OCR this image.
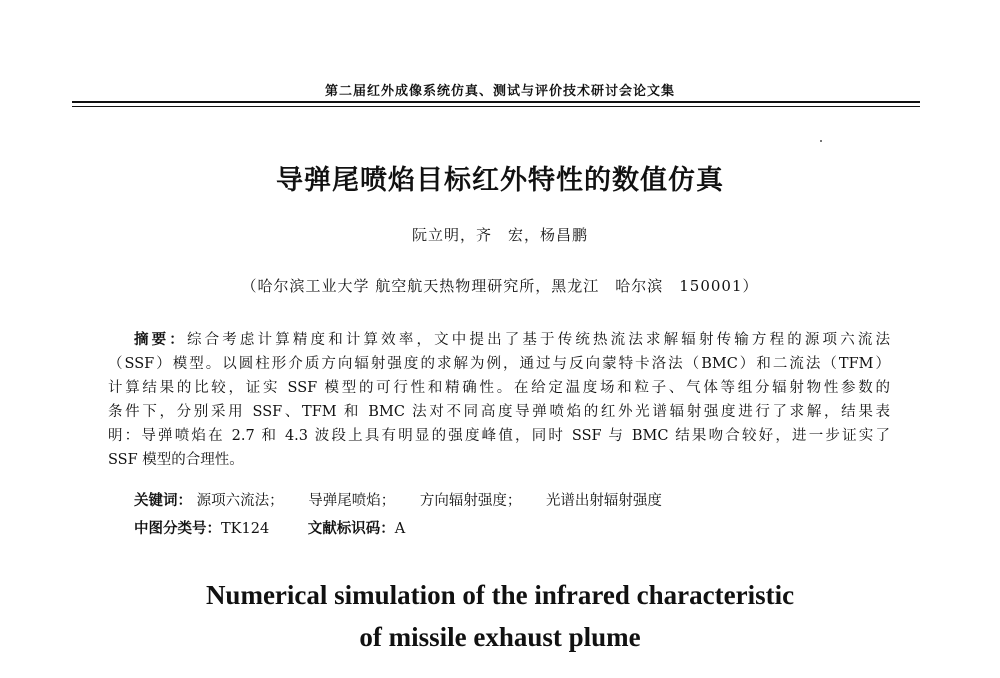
第二届红外成像系统仿真、测试与评价技术研讨会论文集
导弹尾喷焰目标红外特性的数值仿真
阮立明，齐　宏，杨昌鹏
（哈尔滨工业大学 航空航天热物理研究所，黑龙江　哈尔滨　150001）
摘要：综合考虑计算精度和计算效率，文中提出了基于传统热流法求解辐射传输方程的源项六流法
（SSF）模型。以圆柱形介质方向辐射强度的求解为例，通过与反向蒙特卡洛法（BMC）和二流法（TFM）
计算结果的比较，证实 SSF 模型的可行性和精确性。在给定温度场和粒子、气体等组分辐射物性参数的
条件下，分别采用 SSF、TFM 和 BMC 法对不同高度导弹喷焰的红外光谱辐射强度进行了求解，结果表
明：导弹喷焰在 2.7 和 4.3 波段上具有明显的强度峰值，同时 SSF 与 BMC 结果吻合较好，进一步证实了
SSF 模型的合理性。
关键词： 源项六流法； 导弹尾喷焰； 方向辐射强度； 光谱出射辐射强度
中图分类号：TK124	文献标识码：A
Numerical simulation of the infrared characteristic
of missile exhaust plume
